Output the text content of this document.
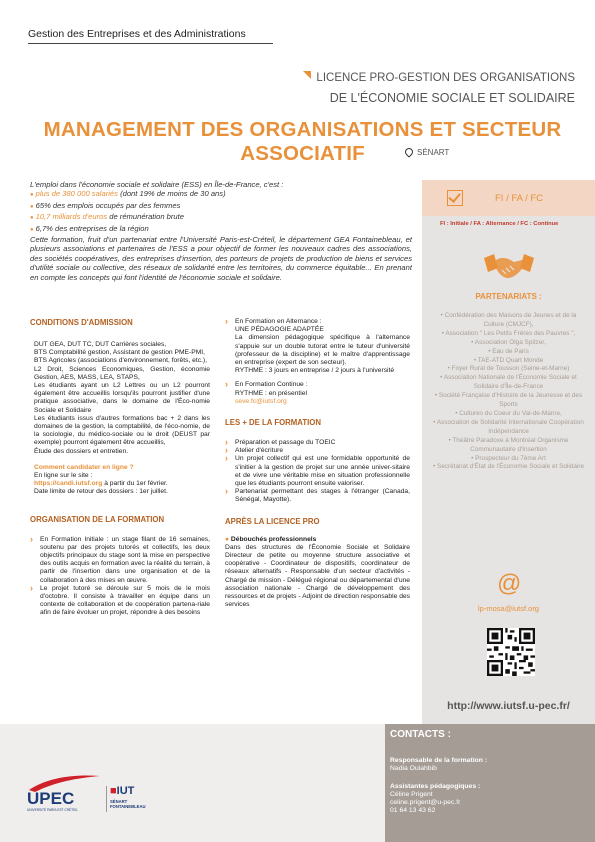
Gestion des Entreprises et des Administrations
LICENCE PRO-GESTION DES ORGANISATIONS
DE L'ÉCONOMIE SOCIALE ET SOLIDAIRE
MANAGEMENT DES ORGANISATIONS ET SECTEUR ASSOCIATIF	SÉNART
L'emploi dans l'économie sociale et solidaire (ESS) en Île-de-France, c'est :
● plus de 380 000 salariés (dont 19% de moins de 30 ans)
● 65% des emplois occupés par des femmes
● 10,7 milliards d'euros de rémunération brute
● 6,7% des entreprises de la région
Cette formation, fruit d'un partenariat entre l'Université Paris-est-Créteil, le département GEA Fontainebleau, et plusieurs associations et partenaires de l'ESS a pour objectif de former les nouveaux cadres des associations, des sociétés coopératives, des entreprises d'insertion, des porteurs de projets de production de biens et services d'utilité sociale ou collective, des réseaux de solidarité entre les territoires, du commerce équitable... En prenant en compte les concepts qui font l'identité de l'économie sociale et solidaire.
CONDITIONS D'ADMISSION
DUT GEA, DUT TC, DUT Carrières sociales,
BTS Comptabilité gestion, Assistant de gestion PME-PMI,
BTS Agricoles (associations d'environnement, forêts, etc.),
L2 Droit, Sciences Economiques, Gestion, économie Gestion, AES, MASS, LEA, STAPS,
Les étudiants ayant un L2 Lettres ou un L2 pourront également être accueillis lorsqu'ils pourront justifier d'une pratique associative, dans le domaine de l'Éco-nomie Sociale et Solidaire
Les étudiants issus d'autres formations bac + 2 dans les domaines de la gestion, la comptabilité, de l'éco-nomie, de la sociologie, du médico-sociale ou le droit (DEUST par exemple) pourront également être accueillis,
Étude des dossiers et entretien.
Comment candidater en ligne ?
En ligne sur le site :
https://candi.iutsf.org à partir du 1er février.
Date limite de retour des dossiers : 1er juillet.
ORGANISATION DE LA FORMATION
› En Formation Initiale : un stage filant de 16 semaines, soutenu par des projets tutorés et collectifs, les deux objectifs principaux du stage sont la mise en perspective des outils acquis en formation avec la réalité du terrain, à partir de l'insertion dans une organisation et de la collaboration à des mises en œuvre.
› Le projet tutoré se déroule sur 5 mois de le mois d'octobre. Il consiste à travailler en équipe dans un contexte de collaboration et de coopération partena-riale afin de faire évoluer un projet, répondre à des besoins
› En Formation en Alternance :
UNE PÉDAGOGIE ADAPTÉE
La dimension pédagogique spécifique à l'alternance s'appuie sur un double tutorat entre le tuteur d'université (professeur de la discipline) et le maître d'apprentissage en entreprise (expert de son secteur).
RYTHME : 3 jours en entreprise / 2 jours à l'université
› En Formation Continue :
RYTHME : en présentiel
seve.fc@iutsf.org
LES + DE LA FORMATION
› Préparation et passage du TOEIC
› Atelier d'écriture
› Un projet collectif qui est une formidable opportunité de s'initier à la gestion de projet sur une année univer-sitaire et de vivre une véritable mise en situation professionnelle que les étudiants pourront ensuite valoriser.
› Partenariat permettant des stages à l'étranger (Canada, Sénégal, Mayotte).
APRÈS LA LICENCE PRO
● Débouchés professionnels
Dans des structures de l'Économie Sociale et Solidaire Directeur de petite ou moyenne structure associative et coopérative - Coordinateur de dispositifs, coordinateur de réseaux alternatifs - Responsable d'un secteur d'activités - Chargé de mission - Délégué régional ou départemental d'une association nationale - Chargé de développement des ressources et de projets - Adjoint de direction responsable des services
FI / FA / FC
FI : Initiale / FA : Alternance / FC : Continue
PARTENARIATS :
• Confédération des Maisons de Jeunes et de la Culture (CMJCF),
• Association " Les Petits Frères des Pauvres ",
• Association Olga Spitzer,
• Eau de Paris
• TAE-ATD Quart Monde
• Foyer Rural de Tousson (Seine-et-Marne)
• Association Nationale de l'Économie Sociale et Solidaire d'Île-de-France
• Société Française d'Histoire de la Jeunesse et des Sports
• Cultures du Coeur du Val-de-Marne,
• Association de Solidarité Internationale Coopération Indépendance
• Théâtre Paradoxe à Montréal Organisme Communautaire d'Insertion
• Prospecteur du 7ème Art
• Secrétariat d'État de l'Économie Sociale et Solidaire
@
lp-mosa@iutsf.org
http://www.iutsf.u-pec.fr/
CONTACTS :
Responsable de la formation :
Nadia Oulahbib
Assistantes pédagogiques :
Céline Prigent
celine.prigent@u-pec.fr
01 64 13 43 62
UPEC
UNIVERSITÉ PARIS-EST CRÉTEIL
■IUT
SÉNART
FONTAINEBLEAU
